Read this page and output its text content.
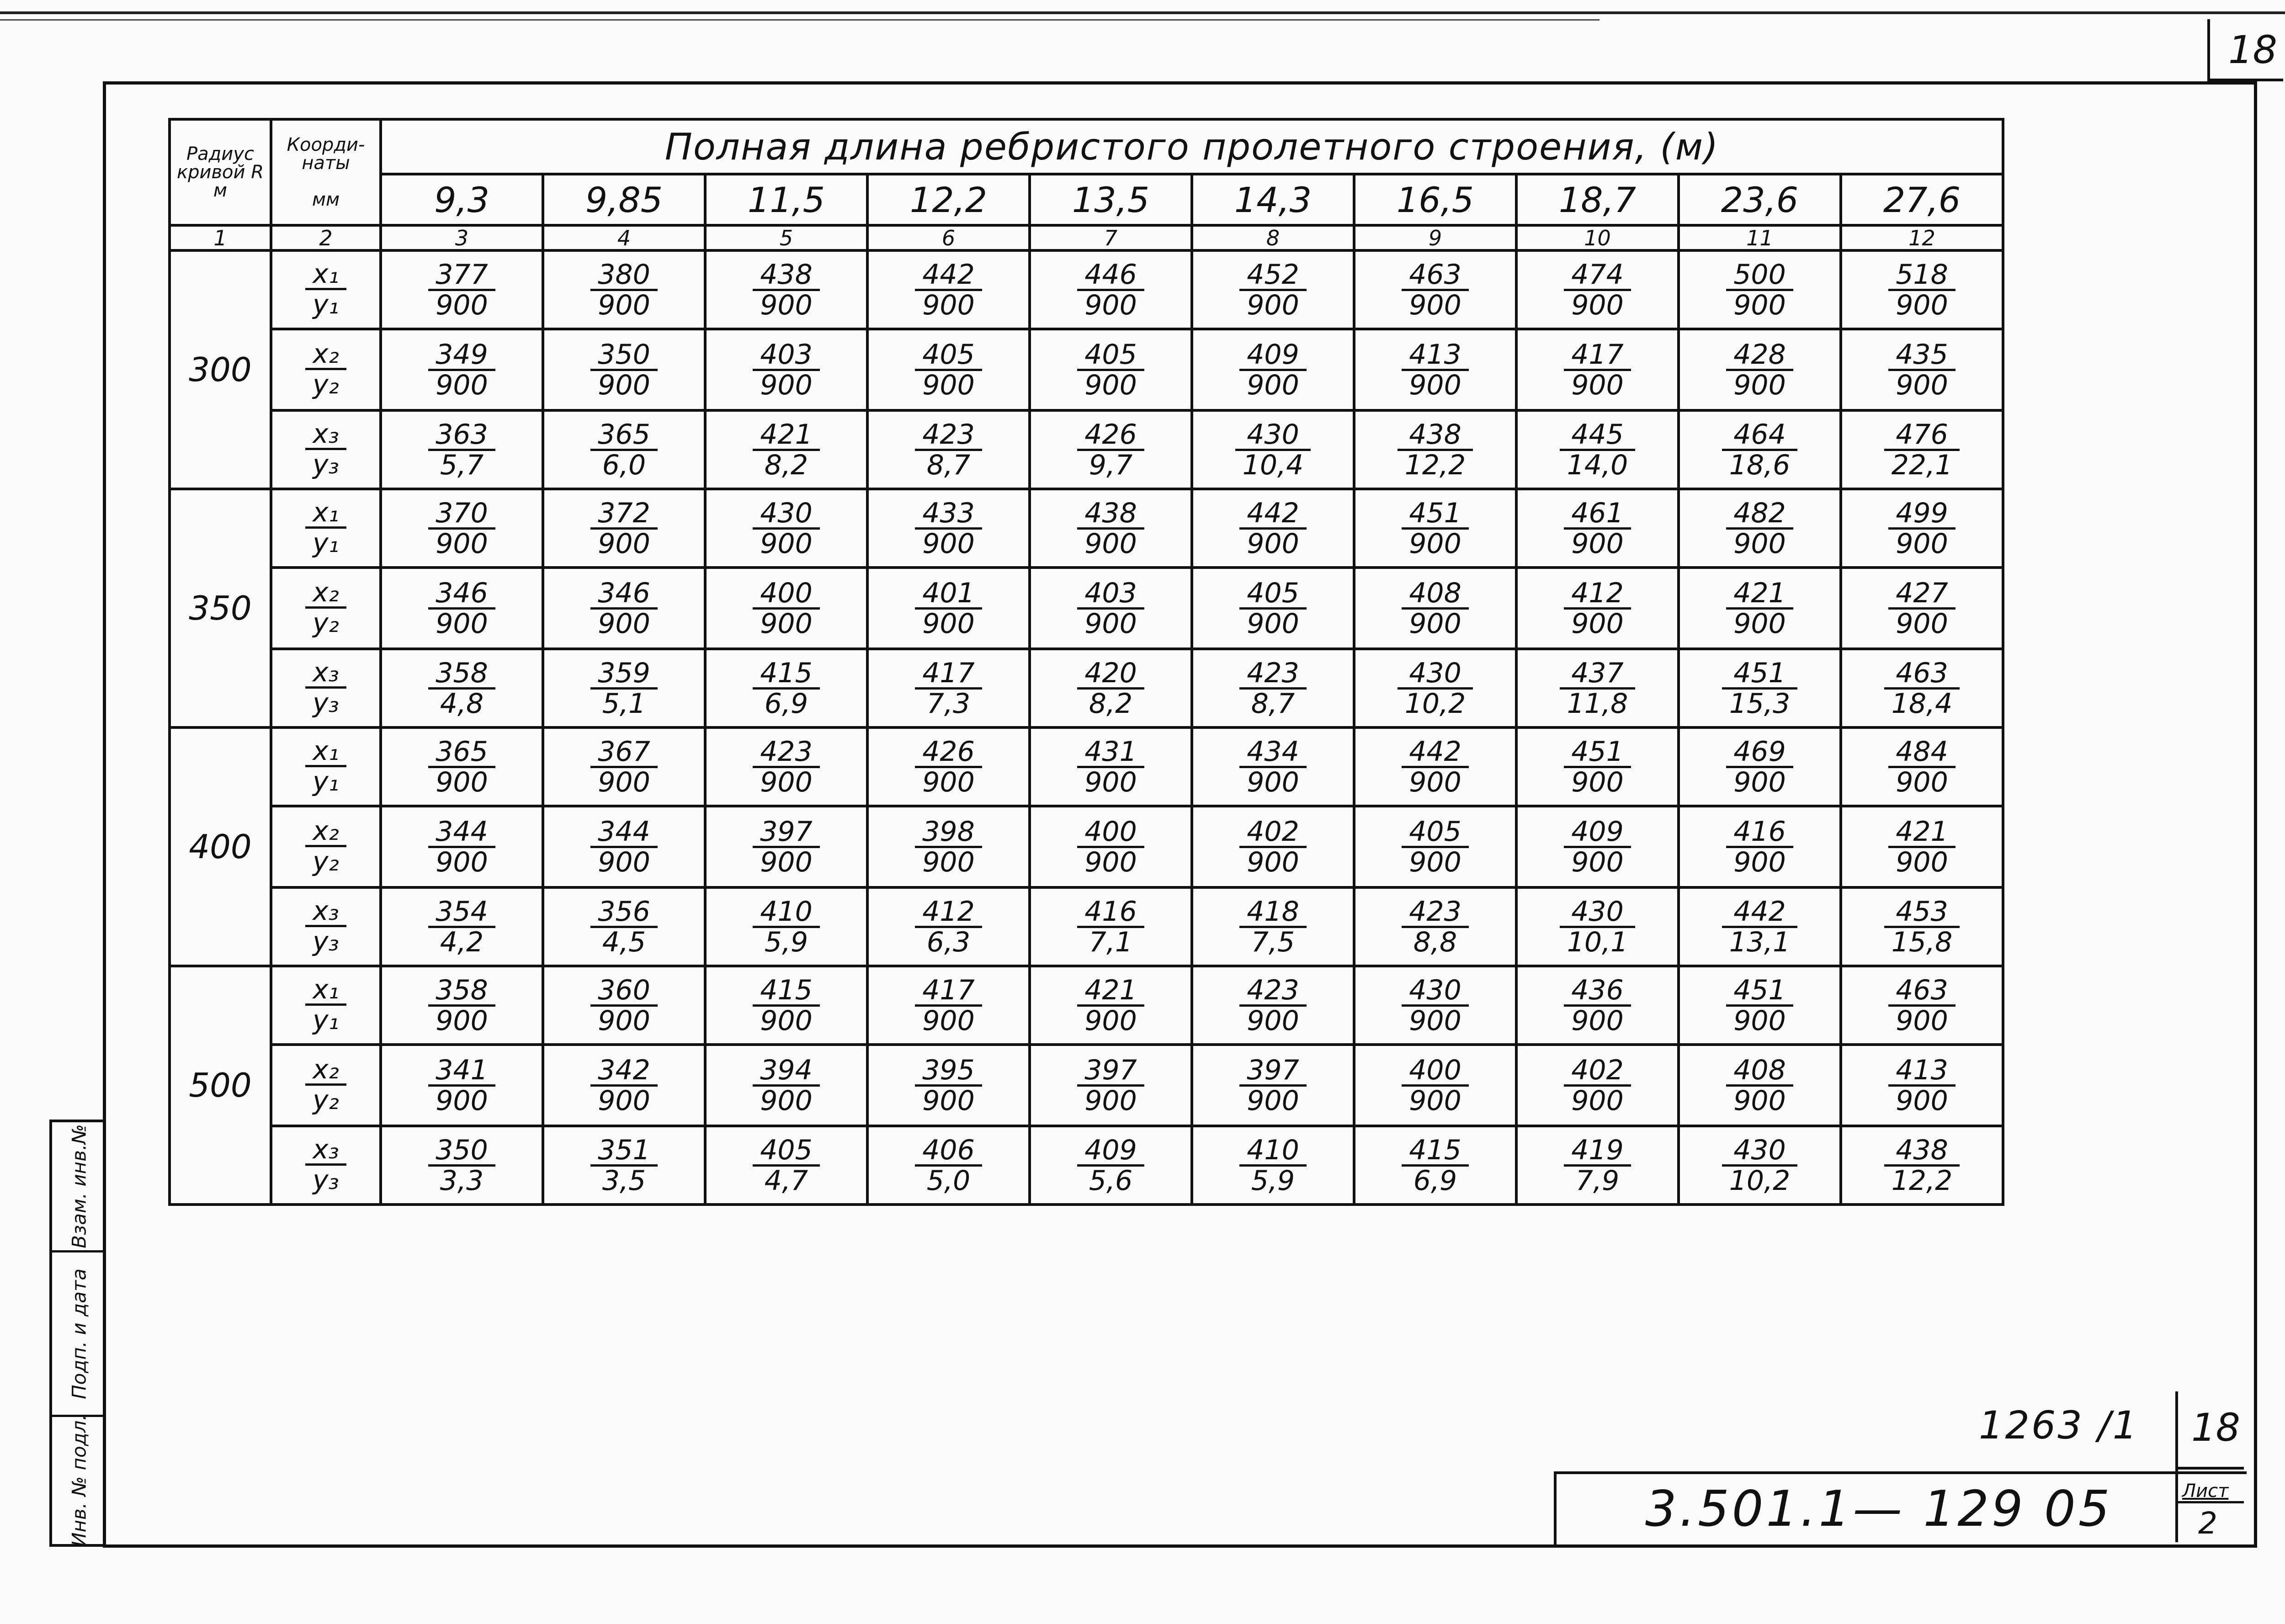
18
Взам. инв.№
Подп. и дата
Инв. № подл.
Радиус кривой R м	Коорди- наты

мм	Полная длина ребристого пролетного строения, (м)									
		9,3	9,85	11,5	12,2	13,5	14,3	16,5	18,7	23,6	27,6
1	2	3	4	5	6	7	8	9	10	11	12
300	$\frac{\text{x₁}}{\text{y₁}}$	$\frac{377}{900}$	$\frac{380}{900}$	$\frac{438}{900}$	$\frac{442}{900}$	$\frac{446}{900}$	$\frac{452}{900}$	$\frac{463}{900}$	$\frac{474}{900}$	$\frac{500}{900}$	$\frac{518}{900}$

	$\frac{\text{x₂}}{\text{y₂}}$	$\frac{349}{900}$	$\frac{350}{900}$	$\frac{403}{900}$	$\frac{405}{900}$	$\frac{405}{900}$	$\frac{409}{900}$	$\frac{413}{900}$	$\frac{417}{900}$	$\frac{428}{900}$	$\frac{435}{900}$

	$\frac{\text{x₃}}{\text{y₃}}$	$\frac{363}{5,7}$	$\frac{365}{6,0}$	$\frac{421}{8,2}$	$\frac{423}{8,7}$	$\frac{426}{9,7}$	$\frac{430}{10,4}$	$\frac{438}{12,2}$	$\frac{445}{14,0}$	$\frac{464}{18,6}$	$\frac{476}{22,1}$

350	$\frac{\text{x₁}}{\text{y₁}}$	$\frac{370}{900}$	$\frac{372}{900}$	$\frac{430}{900}$	$\frac{433}{900}$	$\frac{438}{900}$	$\frac{442}{900}$	$\frac{451}{900}$	$\frac{461}{900}$	$\frac{482}{900}$	$\frac{499}{900}$

	$\frac{\text{x₂}}{\text{y₂}}$	$\frac{346}{900}$	$\frac{346}{900}$	$\frac{400}{900}$	$\frac{401}{900}$	$\frac{403}{900}$	$\frac{405}{900}$	$\frac{408}{900}$	$\frac{412}{900}$	$\frac{421}{900}$	$\frac{427}{900}$

	$\frac{\text{x₃}}{\text{y₃}}$	$\frac{358}{4,8}$	$\frac{359}{5,1}$	$\frac{415}{6,9}$	$\frac{417}{7,3}$	$\frac{420}{8,2}$	$\frac{423}{8,7}$	$\frac{430}{10,2}$	$\frac{437}{11,8}$	$\frac{451}{15,3}$	$\frac{463}{18,4}$

400	$\frac{\text{x₁}}{\text{y₁}}$	$\frac{365}{900}$	$\frac{367}{900}$	$\frac{423}{900}$	$\frac{426}{900}$	$\frac{431}{900}$	$\frac{434}{900}$	$\frac{442}{900}$	$\frac{451}{900}$	$\frac{469}{900}$	$\frac{484}{900}$

	$\frac{\text{x₂}}{\text{y₂}}$	$\frac{344}{900}$	$\frac{344}{900}$	$\frac{397}{900}$	$\frac{398}{900}$	$\frac{400}{900}$	$\frac{402}{900}$	$\frac{405}{900}$	$\frac{409}{900}$	$\frac{416}{900}$	$\frac{421}{900}$

	$\frac{\text{x₃}}{\text{y₃}}$	$\frac{354}{4,2}$	$\frac{356}{4,5}$	$\frac{410}{5,9}$	$\frac{412}{6,3}$	$\frac{416}{7,1}$	$\frac{418}{7,5}$	$\frac{423}{8,8}$	$\frac{430}{10,1}$	$\frac{442}{13,1}$	$\frac{453}{15,8}$

500	$\frac{\text{x₁}}{\text{y₁}}$	$\frac{358}{900}$	$\frac{360}{900}$	$\frac{415}{900}$	$\frac{417}{900}$	$\frac{421}{900}$	$\frac{423}{900}$	$\frac{430}{900}$	$\frac{436}{900}$	$\frac{451}{900}$	$\frac{463}{900}$

	$\frac{\text{x₂}}{\text{y₂}}$	$\frac{341}{900}$	$\frac{342}{900}$	$\frac{394}{900}$	$\frac{395}{900}$	$\frac{397}{900}$	$\frac{397}{900}$	$\frac{400}{900}$	$\frac{402}{900}$	$\frac{408}{900}$	$\frac{413}{900}$

	$\frac{\text{x₃}}{\text{y₃}}$	$\frac{350}{3,3}$	$\frac{351}{3,5}$	$\frac{405}{4,7}$	$\frac{406}{5,0}$	$\frac{409}{5,6}$	$\frac{410}{5,9}$	$\frac{415}{6,9}$	$\frac{419}{7,9}$	$\frac{430}{10,2}$	$\frac{438}{12,2}$
3.501.1— 129 05
1263 /1 18
Лист
2
